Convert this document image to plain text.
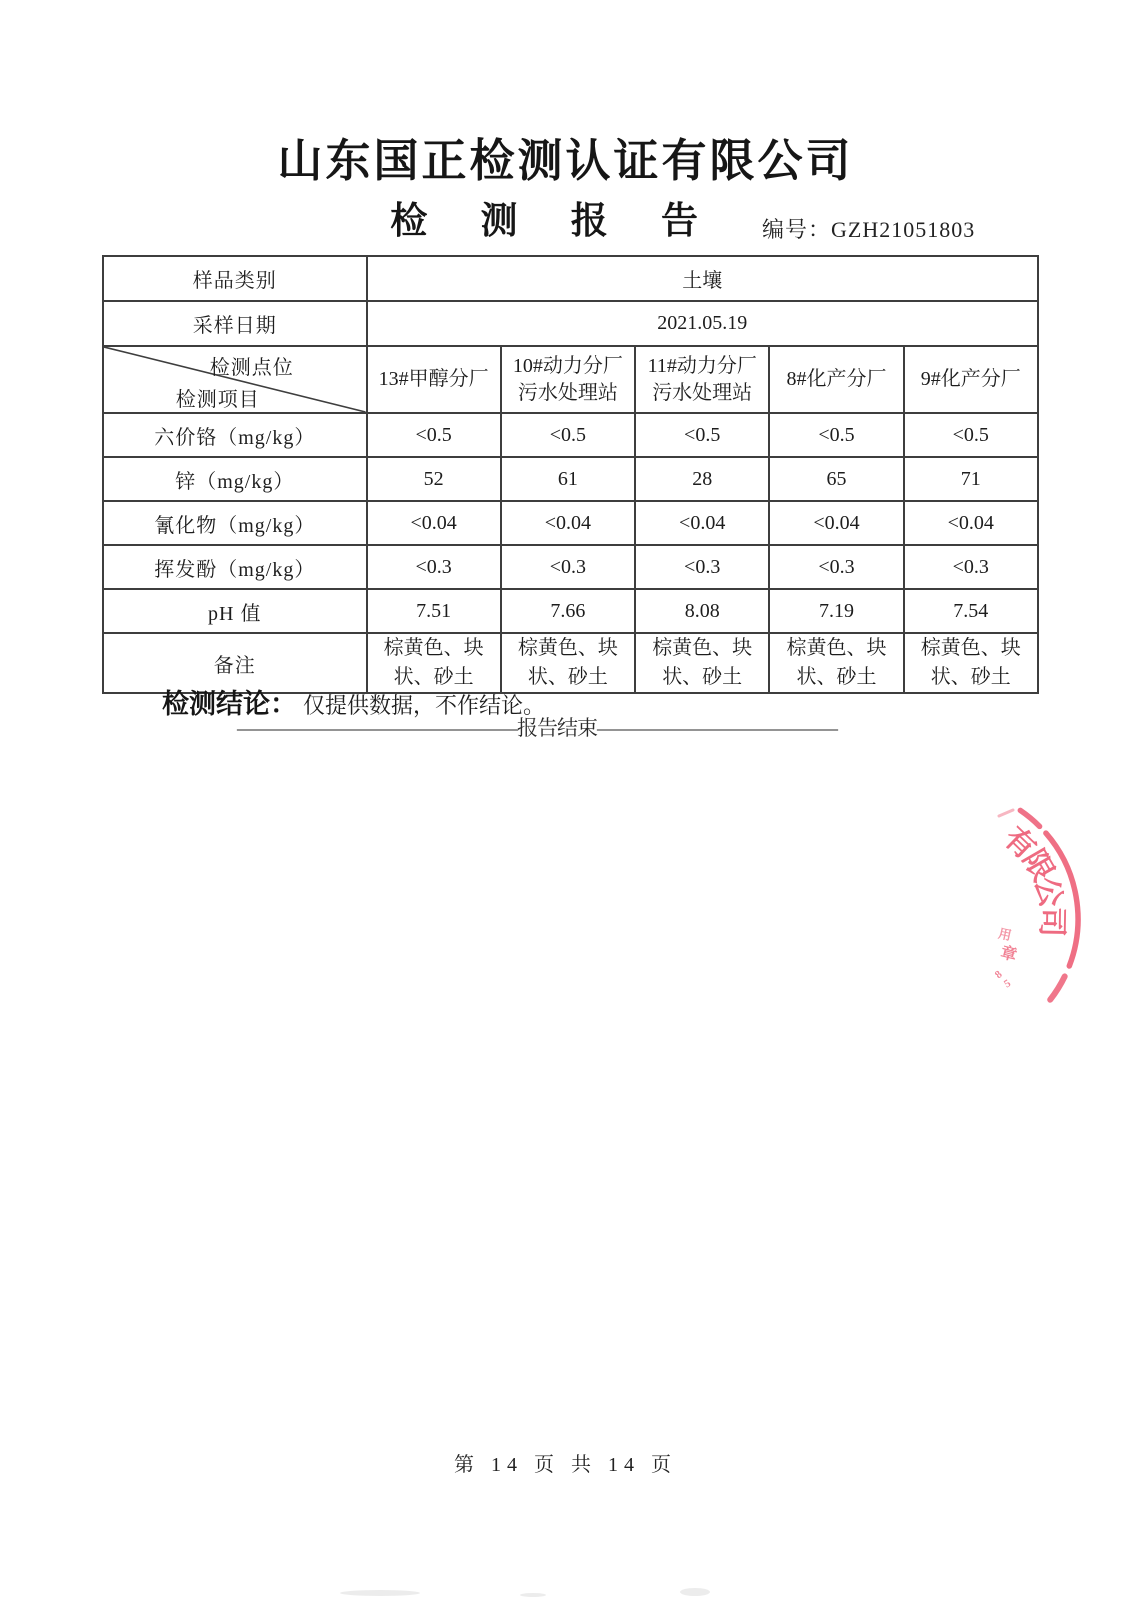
山东国正检测认证有限公司
检 测 报 告 编号：GZH21051803
样品类别	土壤				
采样日期	2021.05.19				

检测点位
检测项目	13#甲醇分厂	10#动力分厂污水处理站	11#动力分厂污水处理站	8#化产分厂	9#化产分厂
六价铬（mg/kg）	<0.5	<0.5	<0.5	<0.5	<0.5
锌（mg/kg）	52	61	28	65	71
氰化物（mg/kg）	<0.04	<0.04	<0.04	<0.04	<0.04
挥发酚（mg/kg）	<0.3	<0.3	<0.3	<0.3	<0.3
pH 值	7.51	7.66	8.08	7.19	7.54
备注	棕黄色、块状、砂土	棕黄色、块状、砂土	棕黄色、块状、砂土	棕黄色、块状、砂土	棕黄色、块状、砂土
检测结论： 仅提供数据，不作结论。
——————————————报告结束————————————
有
限
公
司
用
章
8
5
第 14 页 共 14 页
